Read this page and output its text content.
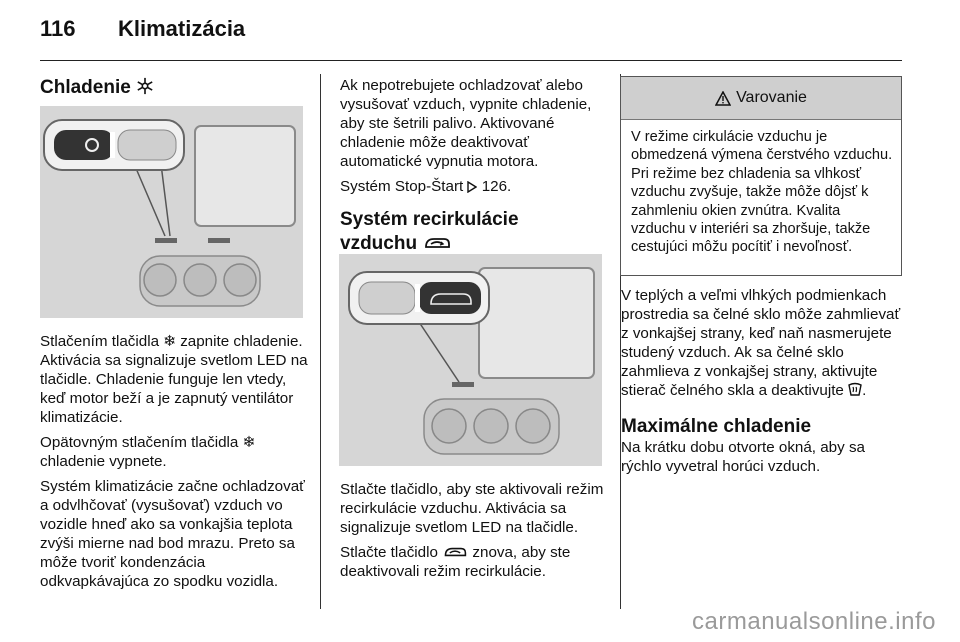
116 Klimatizácia
Chladenie

Stlačením tlačidla ❄ zapnite chladenie. Aktivácia sa signalizuje svetlom LED na tlačidle. Chladenie funguje len vtedy, keď motor beží a je zapnutý ventilátor klimatizácie.

Opätovným stlačením tlačidla ❄ chladenie vypnete.

Systém klimatizácie začne ochladzovať a odvlhčovať (vysušovať) vzduch vo vozidle hneď ako sa vonkajšia teplota zvýši mierne nad bod mrazu. Preto sa môže tvoriť kondenzácia odkvapkávajúca zo spodku vozidla.

Ak nepotrebujete ochladzovať alebo vysušovať vzduch, vypnite chladenie, aby ste šetrili palivo. Aktivované chladenie môže deaktivovať automatické vypnutia motora.

Systém Stop-Štart 126.

Systém recirkulácie
vzduchu

Stlačte tlačidlo, aby ste aktivovali režim recirkulácie vzduchu. Aktivácia sa signalizuje svetlom LED na tlačidle.

Stlačte tlačidlo znova, aby ste deaktivovali režim recirkulácie.

Varovanie
V režime cirkulácie vzduchu je obmedzená výmena čerstvého vzduchu. Pri režime bez chladenia sa vlhkosť vzduchu zvyšuje, takže môže dôjsť k zahmleniu okien zvnútra. Kvalita vzduchu v interiéri sa zhoršuje, takže cestujúci môžu pocítiť i nevoľnosť.

V teplých a veľmi vlhkých podmienkach prostredia sa čelné sklo môže zahmlievať z vonkajšej strany, keď naň nasmerujete studený vzduch. Ak sa čelné sklo zahmlieva z vonkajšej strany, aktivujte stierač čelného skla a deaktivujte .

Maximálne chladenie

Na krátku dobu otvorte okná, aby sa rýchlo vyvetral horúci vzduch.

carmanualsonline.info
